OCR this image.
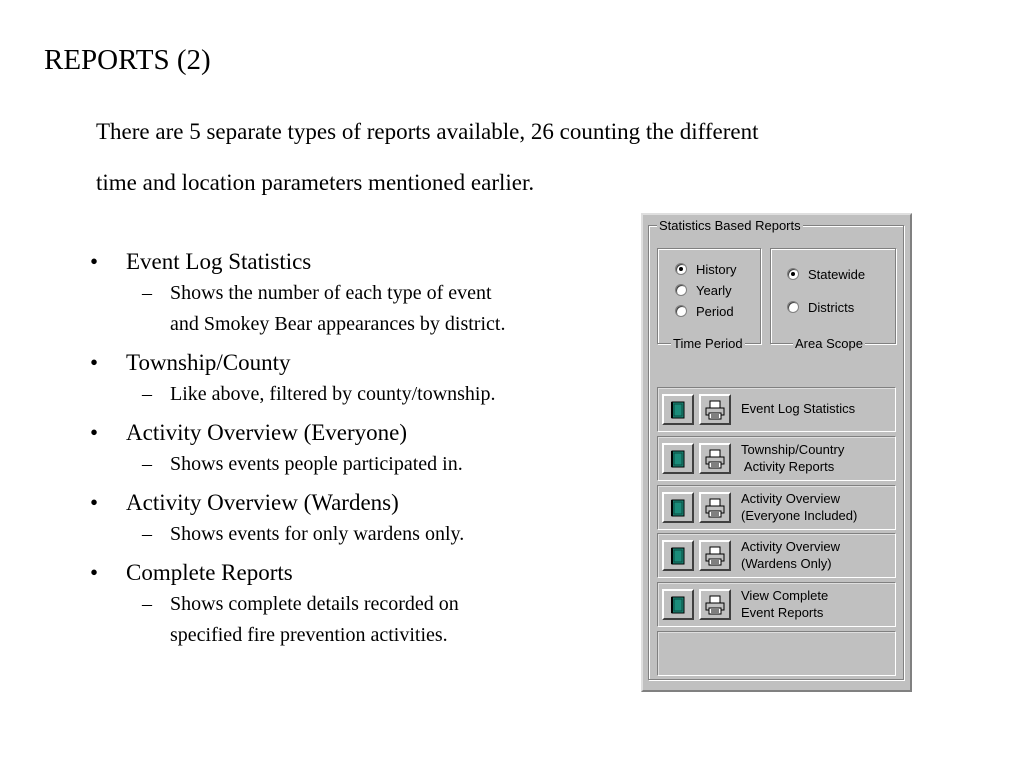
REPORTS (2)
There are 5 separate types of reports available, 26 counting the different
time and location parameters mentioned earlier.
• Event Log Statistics
– Shows the number of each type of event
and Smokey Bear appearances by district.
• Township/County
– Like above, filtered by county/township.
• Activity Overview (Everyone)
– Shows events people participated in.
• Activity Overview (Wardens)
– Shows events for only wardens only.
• Complete Reports
– Shows complete details recorded on
specified fire prevention activities.
Statistics Based Reports
History
Yearly
Period
Time Period
Statewide
Districts
Area Scope
Event Log Statistics
Township/Country
Activity Reports
Activity Overview
(Everyone Included)
Activity Overview
(Wardens Only)
View Complete
Event Reports
